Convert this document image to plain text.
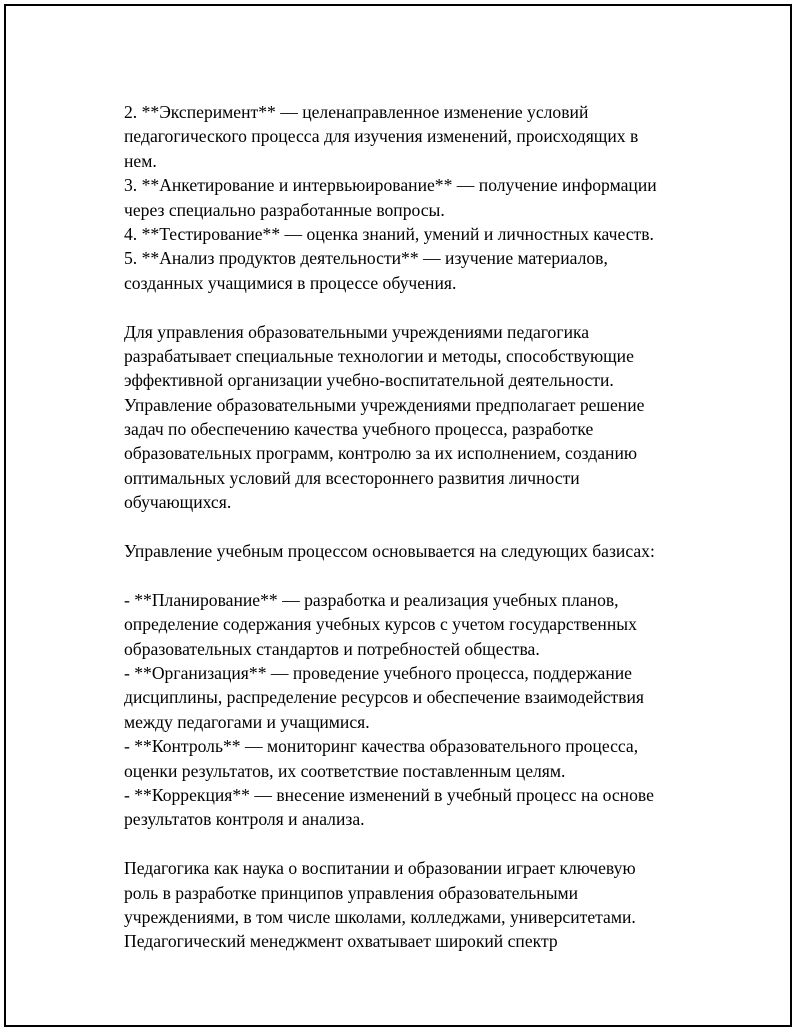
2. **Эксперимент** — целенаправленное изменение условий
педагогического процесса для изучения изменений, происходящих в
нем.
3. **Анкетирование и интервьюирование** — получение информации
через специально разработанные вопросы.
4. **Тестирование** — оценка знаний, умений и личностных качеств.
5. **Анализ продуктов деятельности** — изучение материалов,
созданных учащимися в процессе обучения.
Для управления образовательными учреждениями педагогика
разрабатывает специальные технологии и методы, способствующие
эффективной организации учебно-воспитательной деятельности.
Управление образовательными учреждениями предполагает решение
задач по обеспечению качества учебного процесса, разработке
образовательных программ, контролю за их исполнением, созданию
оптимальных условий для всестороннего развития личности
обучающихся.
Управление учебным процессом основывается на следующих базисах:
- **Планирование** — разработка и реализация учебных планов,
определение содержания учебных курсов с учетом государственных
образовательных стандартов и потребностей общества.
- **Организация** — проведение учебного процесса, поддержание
дисциплины, распределение ресурсов и обеспечение взаимодействия
между педагогами и учащимися.
- **Контроль** — мониторинг качества образовательного процесса,
оценки результатов, их соответствие поставленным целям.
- **Коррекция** — внесение изменений в учебный процесс на основе
результатов контроля и анализа.
Педагогика как наука о воспитании и образовании играет ключевую
роль в разработке принципов управления образовательными
учреждениями, в том числе школами, колледжами, университетами.
Педагогический менеджмент охватывает широкий спектр
